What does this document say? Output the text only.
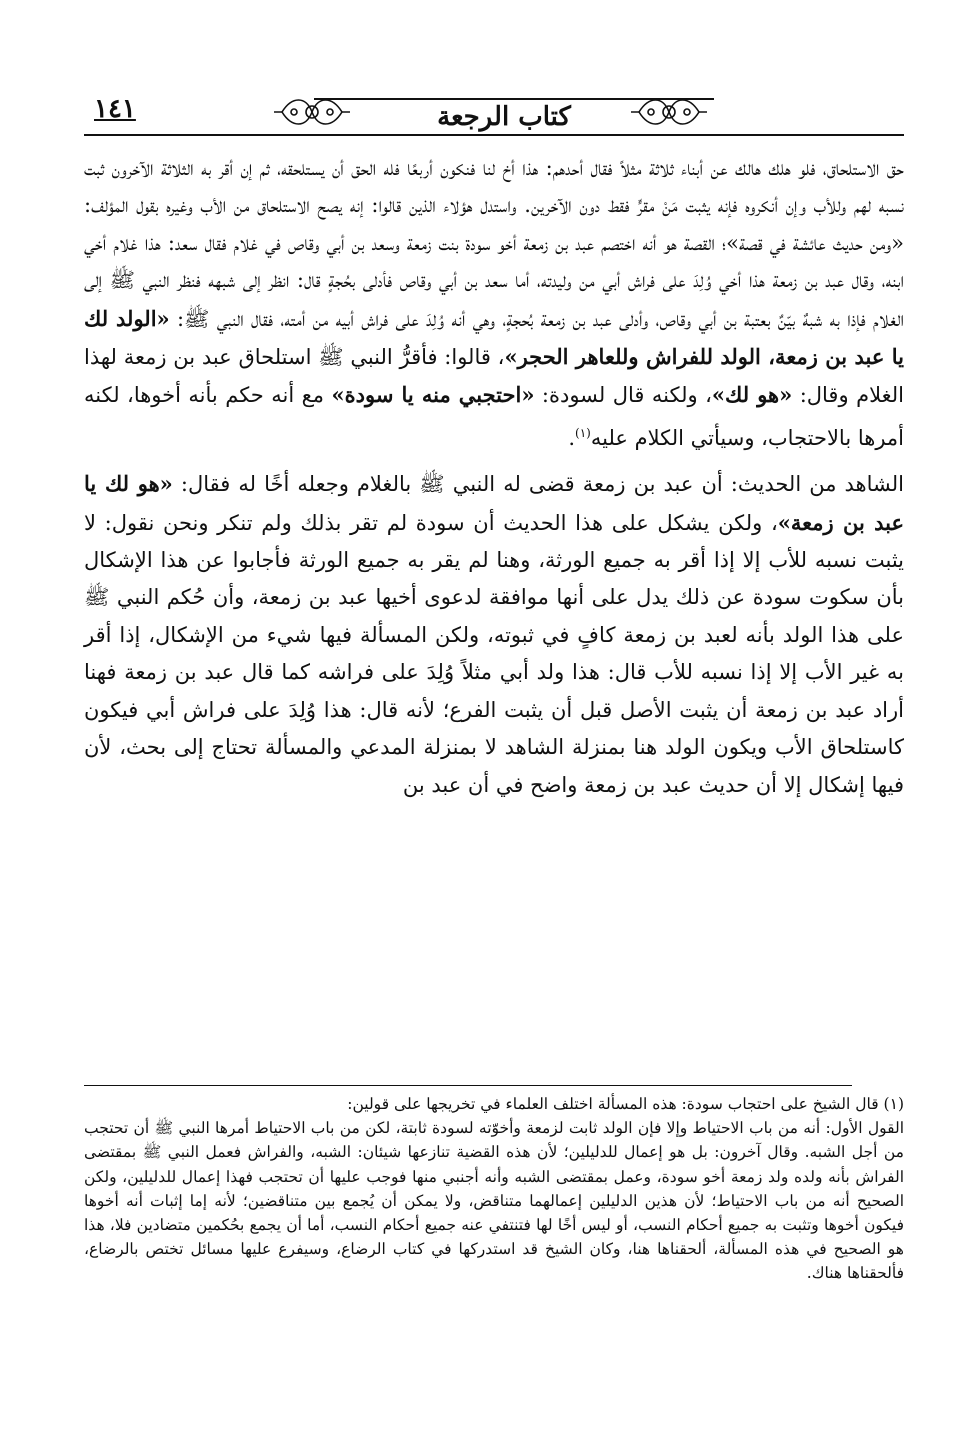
١٤١	كتاب الرجعة

حق الاستلحاق، فلو هلك هالك عن أبناء ثلاثة مثلاً فقال أحدهم: هذا أخ لنا فنكون أربعًا فله الحق أن يستلحقه، ثم إن أقر به الثلاثة الآخرون ثبت نسبه لهم وللأب وإن أنكروه فإنه يثبت مَنْ مقرٍّ فقط دون الآخرين. واستدل هؤلاء الذين قالوا: إنه يصح الاستلحاق من الأب وغيره بقول المؤلف: «ومن حديث عائشة في قصة»؛ القصة هو أنه اختصم عبد بن زمعة أخو سودة بنت زمعة وسعد بن أبي وقاص في غلام فقال سعد: هذا غلام أخي ابنه، وقال عبد بن زمعة هذا أخي وُلِدَ على فراش أبي من وليدته، أما سعد بن أبي وقاص فأدلى بحُجةٍ قال: انظر إلى شبهه فنظر النبي ﷺ إلى الغلام فإذا به شبهٌ بيّنٌ بعتبة بن أبي وقاص، وأدلى عبد بن زمعة بُحجةٍ، وهي أنه وُلِدَ على فراش أبيه من أمته، فقال النبي ﷺ: «الولد لك يا عبد بن زمعة، الولد للفراش وللعاهر الحجر»، قالوا: فأقرُّ النبي ﷺ استلحاق عبد بن زمعة لهذا الغلام وقال: «هو لك»، ولكنه قال لسودة: «احتجبي منه يا سودة» مع أنه حكم بأنه أخوها، لكنه أمرها بالاحتجاب، وسيأتي الكلام عليه$^{(١)}$.

الشاهد من الحديث: أن عبد بن زمعة قضى له النبي ﷺ بالغلام وجعله أخًا له فقال: «هو لك يا عبد بن زمعة»، ولكن يشكل على هذا الحديث أن سودة لم تقر بذلك ولم تنكر ونحن نقول: لا يثبت نسبه للأب إلا إذا أقر به جميع الورثة، وهنا لم يقر به جميع الورثة فأجابوا عن هذا الإشكال بأن سكوت سودة عن ذلك يدل على أنها موافقة لدعوى أخيها عبد بن زمعة، وأن حُكم النبي ﷺ على هذا الولد بأنه لعبد بن زمعة كافٍ في ثبوته، ولكن المسألة فيها شيء من الإشكال، إذا أقر به غير الأب إلا إذا نسبه للأب قال: هذا ولد أبي مثلاً وُلِدَ على فراشه كما قال عبد بن زمعة فهنا أراد عبد بن زمعة أن يثبت الأصل قبل أن يثبت الفرع؛ لأنه قال: هذا وُلِدَ على فراش أبي فيكون كاستلحاق الأب ويكون الولد هنا بمنزلة الشاهد لا بمنزلة المدعي والمسألة تحتاج إلى بحث، لأن فيها إشكال إلا أن حديث عبد بن زمعة واضح في أن عبد بن

(١) قال الشيخ على احتجاب سودة: هذه المسألة اختلف العلماء في تخريجها على قولين:

القول الأول: أنه من باب الاحتياط وإلا فإن الولد ثابت لزمعة وأخوّته لسودة ثابتة، لكن من باب الاحتياط أمرها النبي ﷺ أن تحتجب من أجل الشبه. وقال آخرون: بل هو إعمال للدليلين؛ لأن هذه القضية تنازعها شيئان: الشبه، والفراش فعمل النبي ﷺ بمقتضى الفراش بأنه ولده ولد زمعة أخو سودة، وعمل بمقتضى الشبه وأنه أجنبي منها فوجب عليها أن تحتجب فهذا إعمال للدليلين، ولكن الصحيح أنه من باب الاحتياط؛ لأن هذين الدليلين إعمالهما متناقض، ولا يمكن أن يُجمع بين متناقضين؛ لأنه إما إثبات أنه أخوها فيكون أخوها وتثبت به جميع أحكام النسب، أو ليس أخًا لها فتنتفي عنه جميع أحكام النسب، أما أن يجمع بحُكمين متضادين فلا، هذا هو الصحيح في هذه المسألة، ألحقناها هنا، وكان الشيخ قد استدركها في كتاب الرضاع، وسيفرع عليها مسائل تختص بالرضاع، فألحقناها هناك.
